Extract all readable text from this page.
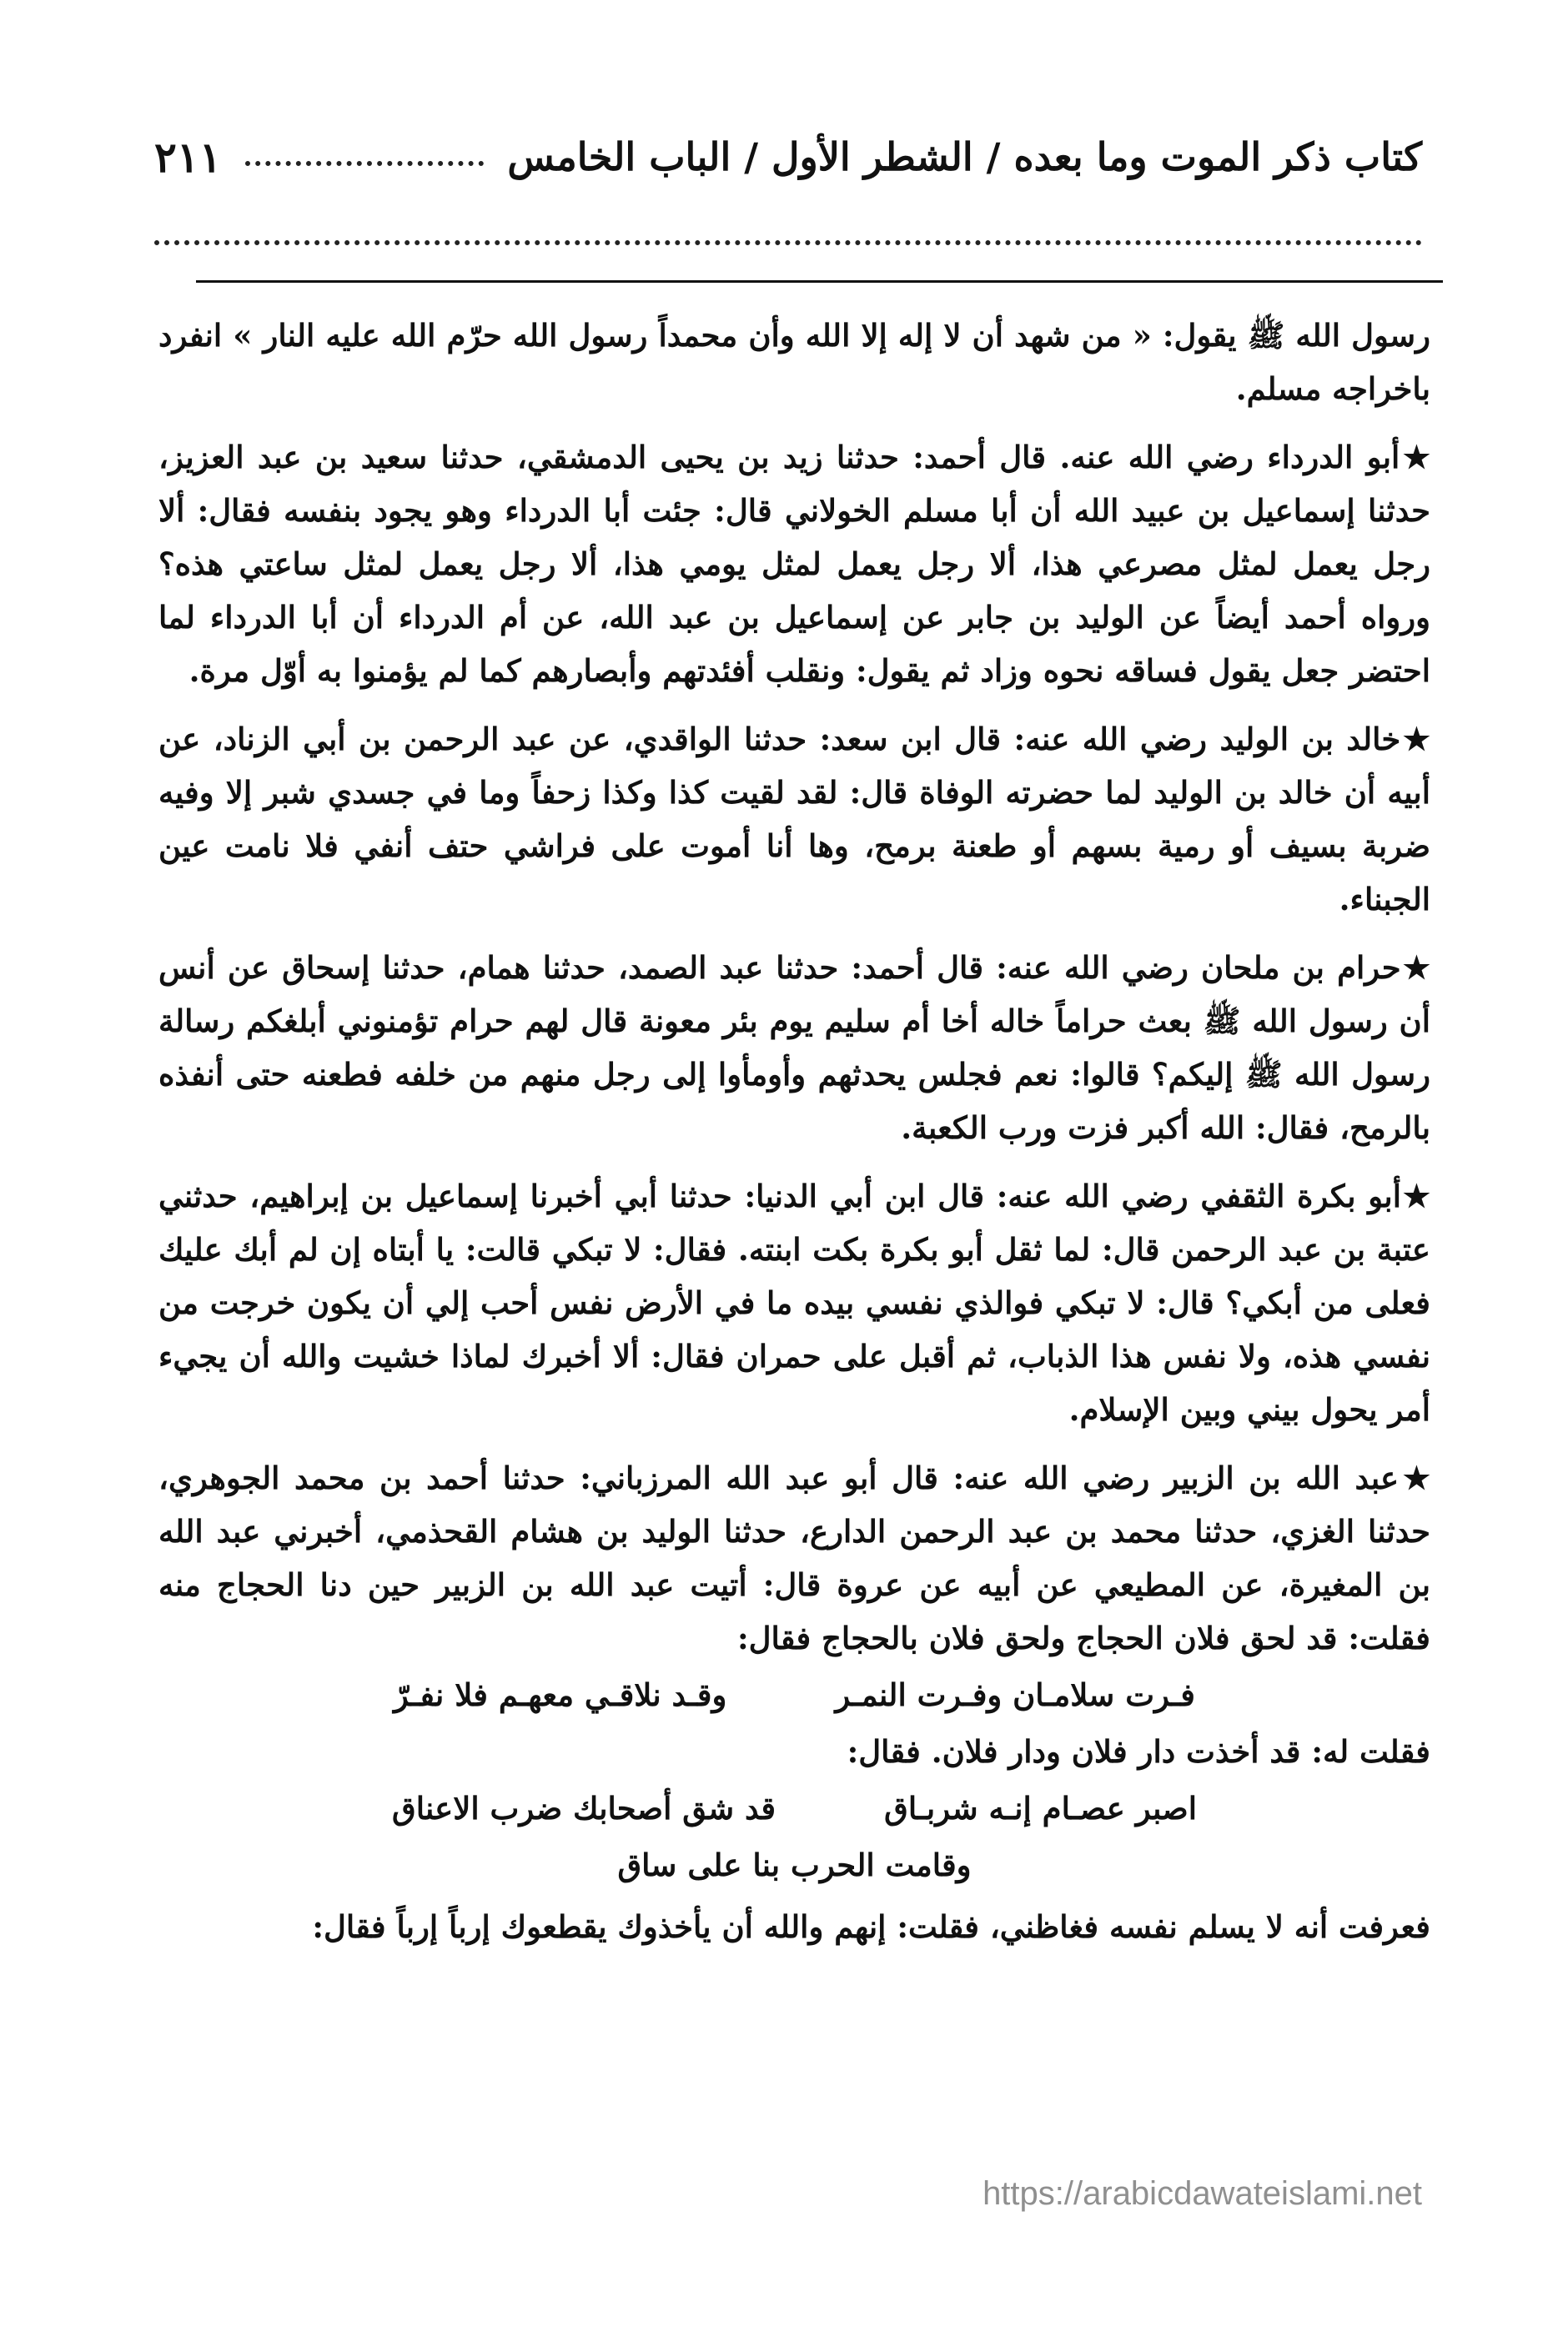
كتاب ذكر الموت وما بعده / الشطر الأول / الباب الخامس
٢١١

رسول الله ﷺ يقول: « من شهد أن لا إله إلا الله وأن محمداً رسول الله حرّم الله عليه النار » انفرد باخراجه مسلم.

★أبو الدرداء رضي الله عنه. قال أحمد: حدثنا زيد بن يحيى الدمشقي، حدثنا سعيد بن عبد العزيز، حدثنا إسماعيل بن عبيد الله أن أبا مسلم الخولاني قال: جئت أبا الدرداء وهو يجود بنفسه فقال: ألا رجل يعمل لمثل مصرعي هذا، ألا رجل يعمل لمثل يومي هذا، ألا رجل يعمل لمثل ساعتي هذه؟ ورواه أحمد أيضاً عن الوليد بن جابر عن إسماعيل بن عبد الله، عن أم الدرداء أن أبا الدرداء لما احتضر جعل يقول فساقه نحوه وزاد ثم يقول: ونقلب أفئدتهم وأبصارهم كما لم يؤمنوا به أوّل مرة.

★خالد بن الوليد رضي الله عنه: قال ابن سعد: حدثنا الواقدي، عن عبد الرحمن بن أبي الزناد، عن أبيه أن خالد بن الوليد لما حضرته الوفاة قال: لقد لقيت كذا وكذا زحفاً وما في جسدي شبر إلا وفيه ضربة بسيف أو رمية بسهم أو طعنة برمح، وها أنا أموت على فراشي حتف أنفي فلا نامت عين الجبناء.

★حرام بن ملحان رضي الله عنه: قال أحمد: حدثنا عبد الصمد، حدثنا همام، حدثنا إسحاق عن أنس أن رسول الله ﷺ بعث حراماً خاله أخا أم سليم يوم بئر معونة قال لهم حرام تؤمنوني أبلغكم رسالة رسول الله ﷺ إليكم؟ قالوا: نعم فجلس يحدثهم وأومأوا إلى رجل منهم من خلفه فطعنه حتى أنفذه بالرمح، فقال: الله أكبر فزت ورب الكعبة.

★أبو بكرة الثقفي رضي الله عنه: قال ابن أبي الدنيا: حدثنا أبي أخبرنا إسماعيل بن إبراهيم، حدثني عتبة بن عبد الرحمن قال: لما ثقل أبو بكرة بكت ابنته. فقال: لا تبكي قالت: يا أبتاه إن لم أبك عليك فعلى من أبكي؟ قال: لا تبكي فوالذي نفسي بيده ما في الأرض نفس أحب إلي أن يكون خرجت من نفسي هذه، ولا نفس هذا الذباب، ثم أقبل على حمران فقال: ألا أخبرك لماذا خشيت والله أن يجيء أمر يحول بيني وبين الإسلام.

★عبد الله بن الزبير رضي الله عنه: قال أبو عبد الله المرزباني: حدثنا أحمد بن محمد الجوهري، حدثنا الغزي، حدثنا محمد بن عبد الرحمن الدارع، حدثنا الوليد بن هشام القحذمي، أخبرني عبد الله بن المغيرة، عن المطيعي عن أبيه عن عروة قال: أتيت عبد الله بن الزبير حين دنا الحجاج منه فقلت: قد لحق فلان الحجاج ولحق فلان بالحجاج فقال:

فـرت سلامـان وفـرت النمـر
وقـد نلاقـي معهـم فلا نفـرّ

فقلت له: قد أخذت دار فلان ودار فلان. فقال:

اصبر عصـام إنـه شربـاق
قد شق أصحابك ضرب الاعناق
وقامت الحرب بنا على ساق

فعرفت أنه لا يسلم نفسه فغاظني، فقلت: إنهم والله أن يأخذوك يقطعوك إرباً إرباً فقال:

https://arabicdawateislami.net
